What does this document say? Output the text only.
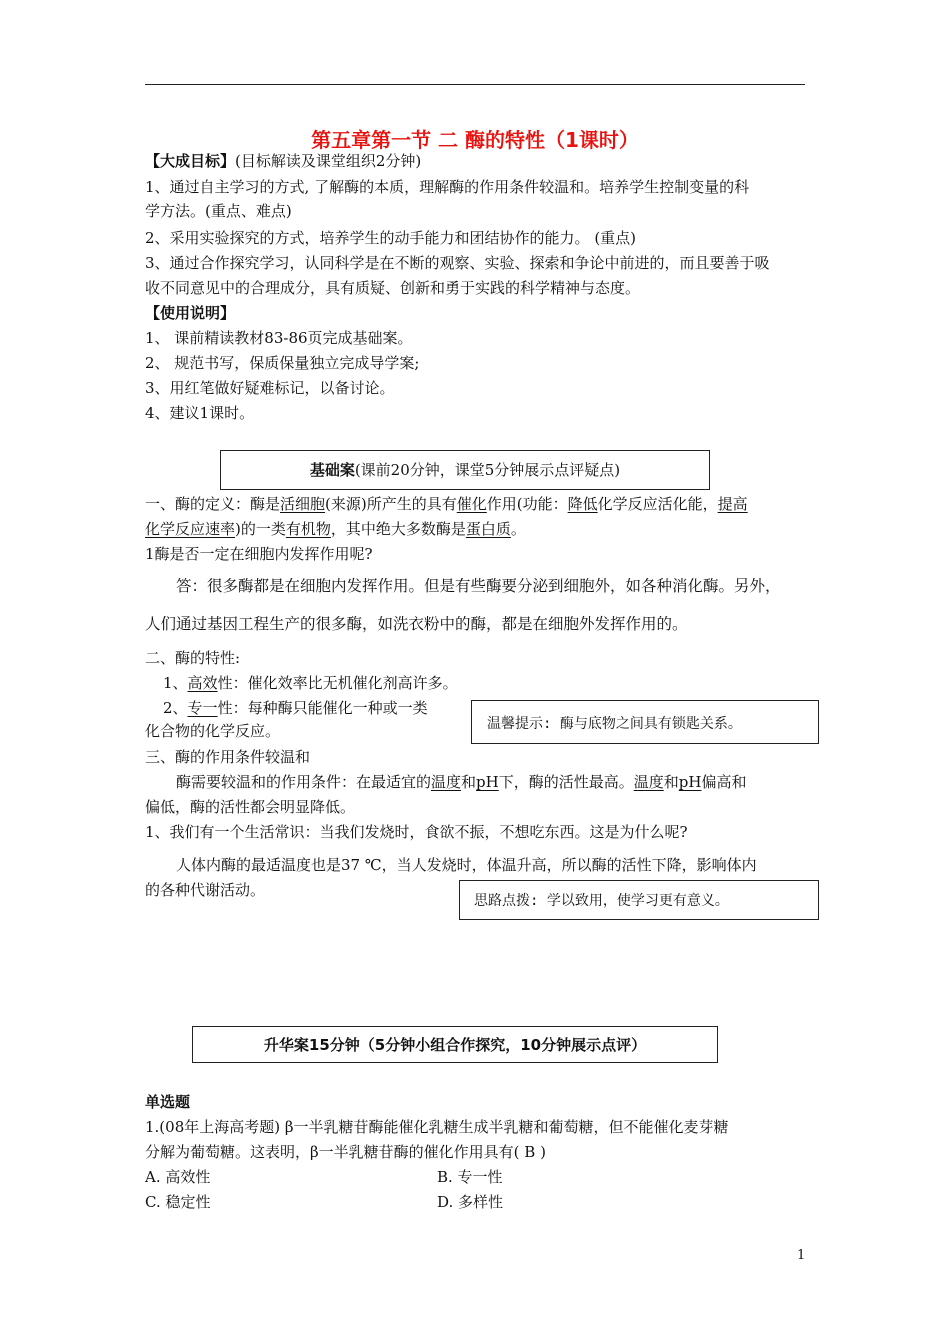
第五章第一节 二 酶的特性（1课时）
【大成目标】(目标解读及课堂组织2分钟)
1、通过自主学习的方式, 了解酶的本质，理解酶的作用条件较温和。培养学生控制变量的科
学方法。(重点、难点)
2、采用实验探究的方式，培养学生的动手能力和团结协作的能力。 (重点)
3、通过合作探究学习，认同科学是在不断的观察、实验、探索和争论中前进的，而且要善于吸
收不同意见中的合理成分，具有质疑、创新和勇于实践的科学精神与态度。
【使用说明】
1、 课前精读教材83-86页完成基础案。
2、 规范书写，保质保量独立完成导学案;
3、用红笔做好疑难标记，以备讨论。
4、建议1课时。
基础案(课前20分钟，课堂5分钟展示点评疑点)
一、酶的定义：酶是活细胞(来源)所产生的具有催化作用(功能：降低化学反应活化能，提高
化学反应速率)的一类有机物，其中绝大多数酶是蛋白质。
1酶是否一定在细胞内发挥作用呢?
答：很多酶都是在细胞内发挥作用。但是有些酶要分泌到细胞外，如各种消化酶。另外，
人们通过基因工程生产的很多酶，如洗衣粉中的酶，都是在细胞外发挥作用的。
二、酶的特性:
1、高效性：催化效率比无机催化剂高许多。
2、专一性：每种酶只能催化一种或一类
化合物的化学反应。	温馨提示: 酶与底物之间具有锁匙关系。
三、酶的作用条件较温和
酶需要较温和的作用条件：在最适宜的温度和pH下，酶的活性最高。温度和pH偏高和
偏低，酶的活性都会明显降低。
1、我们有一个生活常识：当我们发烧时，食欲不振，不想吃东西。这是为什么呢?
人体内酶的最适温度也是37 ℃，当人发烧时，体温升高，所以酶的活性下降，影响体内
的各种代谢活动。
思路点拨: 学以致用，使学习更有意义。
升华案15分钟（5分钟小组合作探究，10分钟展示点评）
单选题
1.(08年上海高考题) β一半乳糖苷酶能催化乳糖生成半乳糖和葡萄糖，但不能催化麦芽糖
分解为葡萄糖。这表明，β一半乳糖苷酶的催化作用具有( B )
A. 高效性	B. 专一性
C. 稳定性	D. 多样性
1
